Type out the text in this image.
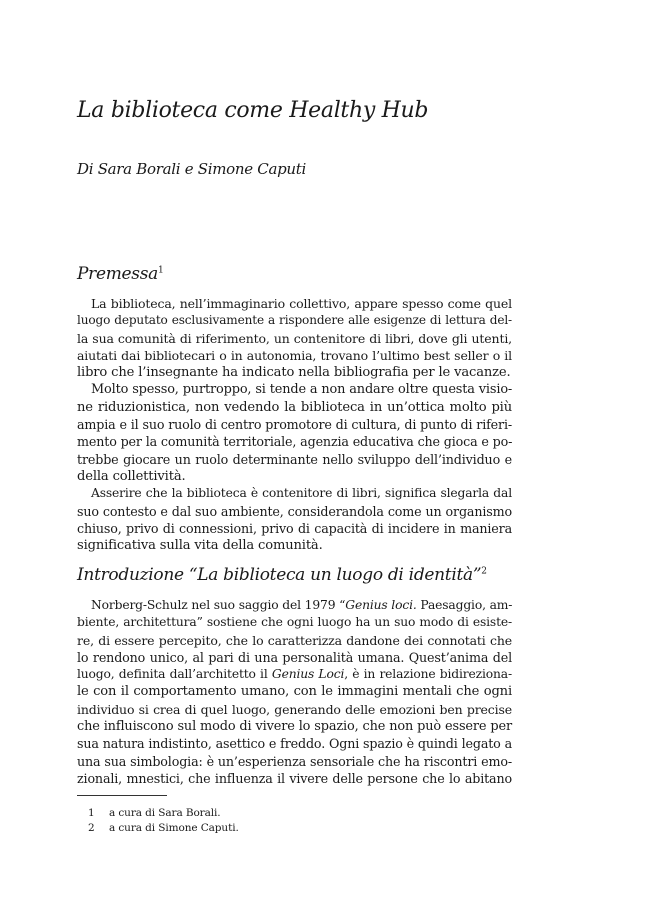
La biblioteca come Healthy Hub

Di Sara Borali e Simone Caputi

Premessa$^1$
La biblioteca, nell’immaginario collettivo, appare spesso come quel
luogo deputato esclusivamente a rispondere alle esigenze di lettura del-
la sua comunità di riferimento, un contenitore di libri, dove gli utenti,
aiutati dai bibliotecari o in autonomia, trovano l’ultimo best seller o il
libro che l’insegnante ha indicato nella bibliografia per le vacanze.
Molto spesso, purtroppo, si tende a non andare oltre questa visio-
ne riduzionistica, non vedendo la biblioteca in un’ottica molto più
ampia e il suo ruolo di centro promotore di cultura, di punto di riferi-
mento per la comunità territoriale, agenzia educativa che gioca e po-
trebbe giocare un ruolo determinante nello sviluppo dell’individuo e
della collettività.
Asserire che la biblioteca è contenitore di libri, significa slegarla dal
suo contesto e dal suo ambiente, considerandola come un organismo
chiuso, privo di connessioni, privo di capacità di incidere in maniera
significativa sulla vita della comunità.
Introduzione “La biblioteca un luogo di identità”$^2$
Norberg-Schulz nel suo saggio del 1979 “Genius loci. Paesaggio, am-
biente, architettura” sostiene che ogni luogo ha un suo modo di esiste-
re, di essere percepito, che lo caratterizza dandone dei connotati che
lo rendono unico, al pari di una personalità umana. Quest’anima del
luogo, definita dall’architetto il Genius Loci, è in relazione bidireziona-
le con il comportamento umano, con le immagini mentali che ogni
individuo si crea di quel luogo, generando delle emozioni ben precise
che influiscono sul modo di vivere lo spazio, che non può essere per
sua natura indistinto, asettico e freddo. Ogni spazio è quindi legato a
una sua simbologia: è un’esperienza sensoriale che ha riscontri emo-
zionali, mnestici, che influenza il vivere delle persone che lo abitano
1 a cura di Sara Borali.
2 a cura di Simone Caputi.
